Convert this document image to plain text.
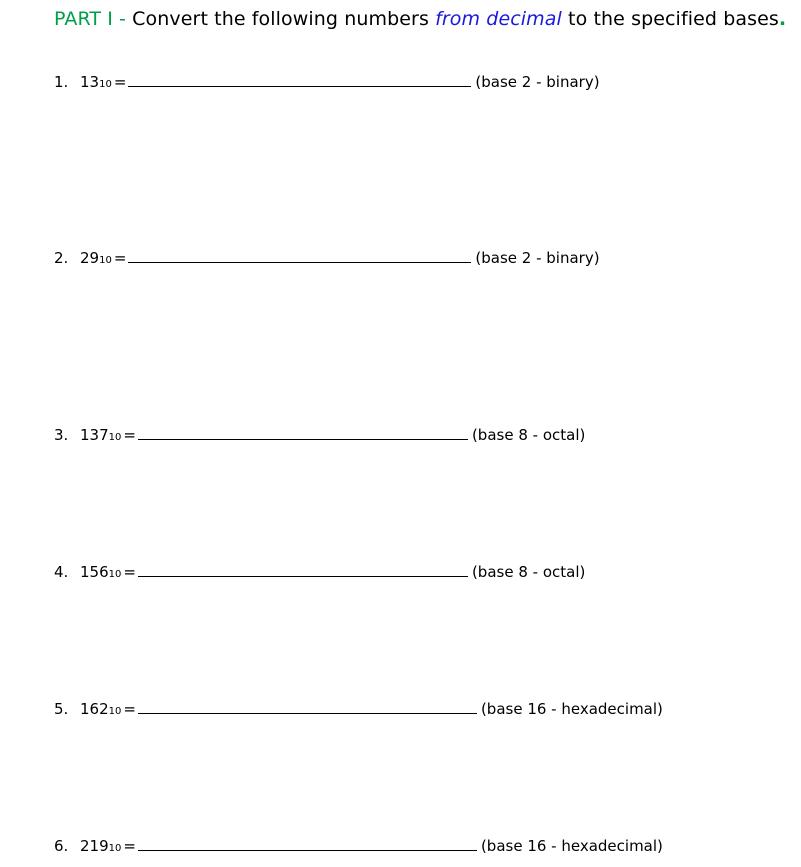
PART I - Convert the following numbers from decimal to the specified bases.
1. 1310 =	(base 2 - binary)
2. 2910 =	(base 2 - binary)
3. 13710 =	(base 8 - octal)
4. 15610 =	(base 8 - octal)
5. 16210 =	(base 16 - hexadecimal)
6. 21910 =	(base 16 - hexadecimal)
